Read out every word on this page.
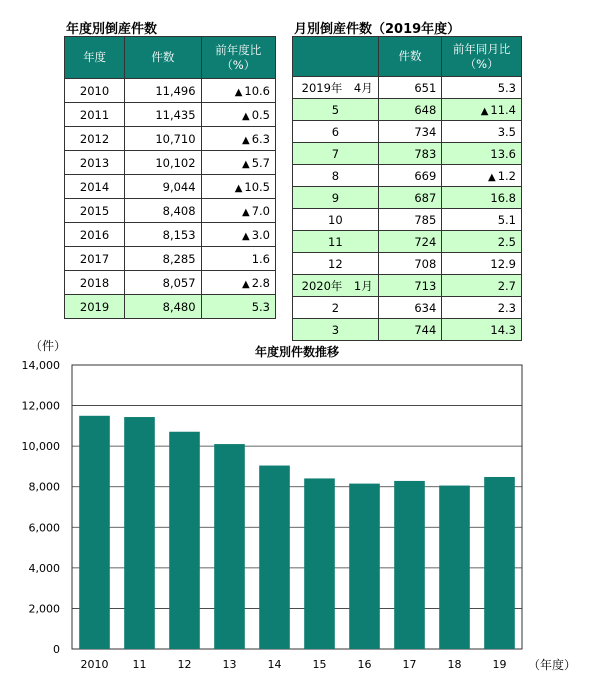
年度別倒産件数
年度	件数	前年度比
（%）

2010	11,496	▲ 10.6
2011	11,435	▲ 0.5
2012	10,710	▲ 6.3
2013	10,102	▲ 5.7
2014	9,044	▲ 10.5
2015	8,408	▲ 7.0
2016	8,153	▲ 3.0
2017	8,285	1.6
2018	8,057	▲ 2.8
2019	8,480	5.3
月別倒産件数（2019年度）
	件数	前年同月比
（%）

2019年　4月	651	5.3
5	648	▲ 11.4
6	734	3.5
7	783	13.6
8	669	▲ 1.2
9	687	16.8
10	785	5.1
11	724	2.5
12	708	12.9
2020年　1月	713	2.7
2	634	2.3
3	744	14.3
年度別件数推移
（件）
（年度）
0
2,000
4,000
6,000
8,000
10,000
12,000
14,000
2010 11	12	13	14	15	16	17	18	19
